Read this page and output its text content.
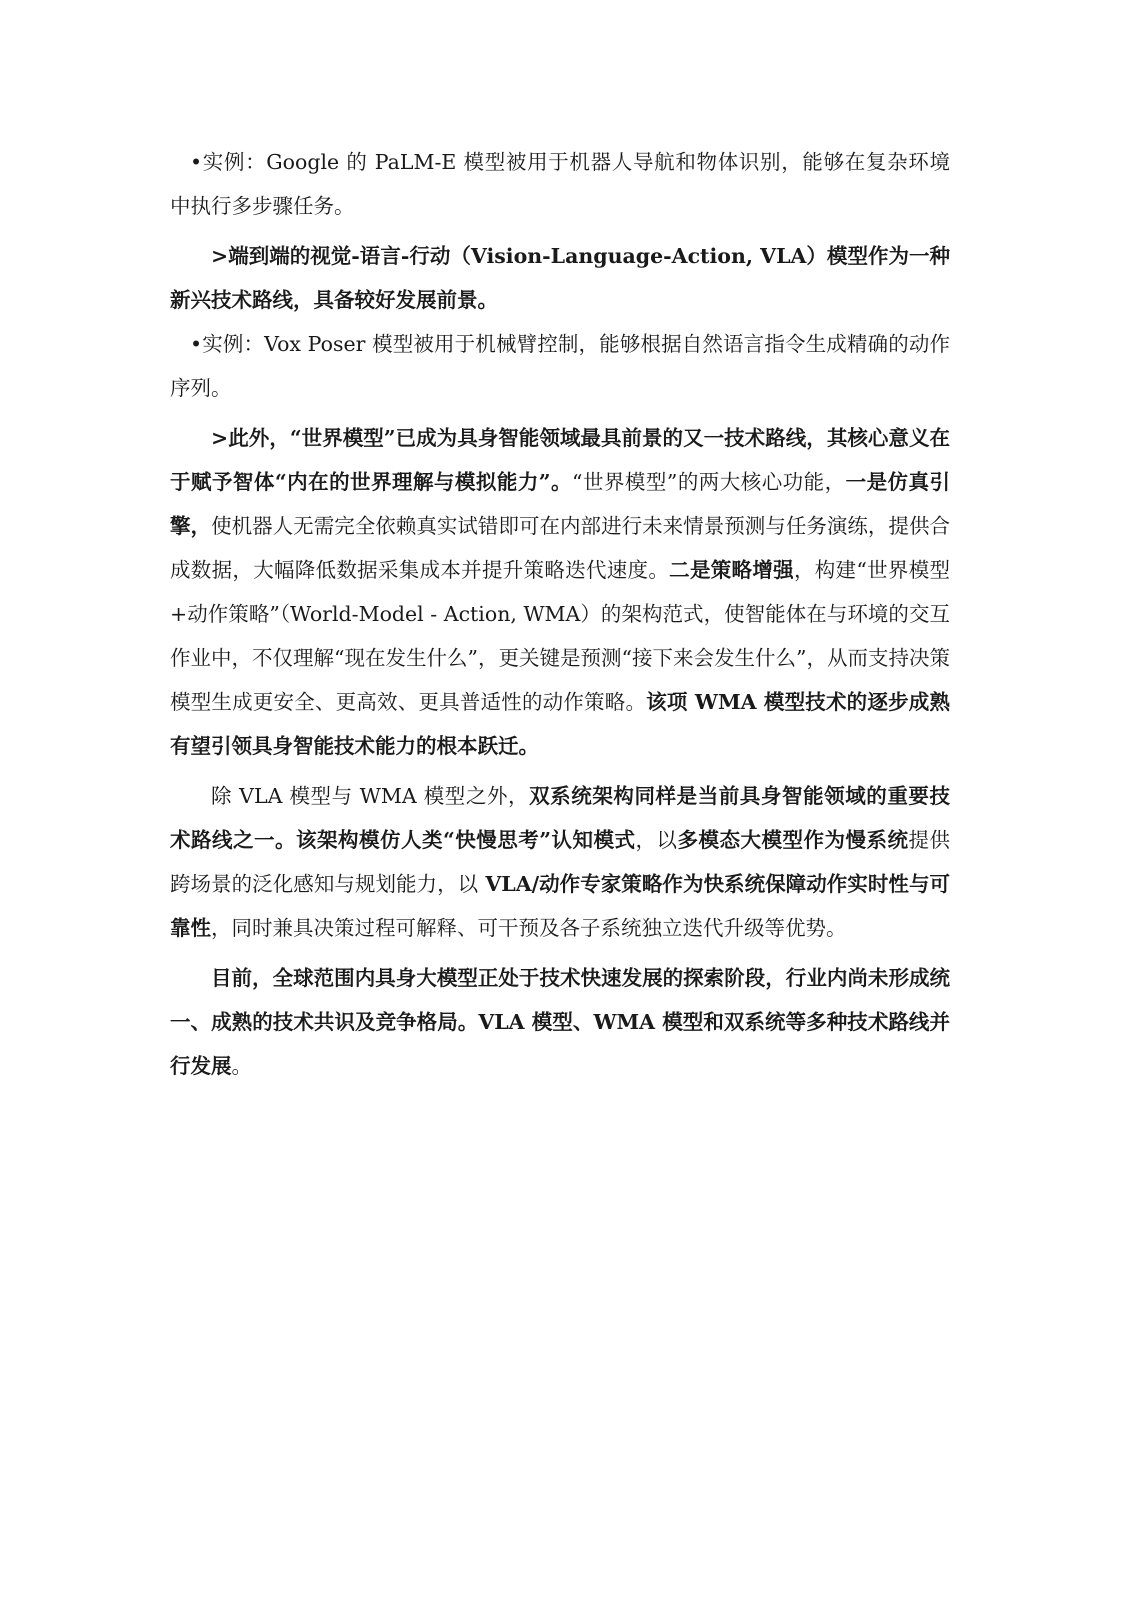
•实例：Google 的 PaLM-E 模型被用于机器人导航和物体识别，能够在复杂环境中执行多步骤任务。

>端到端的视觉-语言-行动（Vision-Language-Action, VLA）模型作为一种新兴技术路线，具备较好发展前景。

•实例：Vox Poser 模型被用于机械臂控制，能够根据自然语言指令生成精确的动作序列。

>此外，“世界模型”已成为具身智能领域最具前景的又一技术路线，其核心意义在于赋予智体“内在的世界理解与模拟能力”。“世界模型”的两大核心功能，一是仿真引擎，使机器人无需完全依赖真实试错即可在内部进行未来情景预测与任务演练，提供合成数据，大幅降低数据采集成本并提升策略迭代速度。二是策略增强，构建“世界模型+动作策略”（World-Model - Action, WMA）的架构范式，使智能体在与环境的交互作业中，不仅理解“现在发生什么”，更关键是预测“接下来会发生什么”，从而支持决策模型生成更安全、更高效、更具普适性的动作策略。该项 WMA 模型技术的逐步成熟有望引领具身智能技术能力的根本跃迁。

除 VLA 模型与 WMA 模型之外，双系统架构同样是当前具身智能领域的重要技术路线之一。该架构模仿人类“快慢思考”认知模式，以多模态大模型作为慢系统提供跨场景的泛化感知与规划能力，以 VLA/动作专家策略作为快系统保障动作实时性与可靠性，同时兼具决策过程可解释、可干预及各子系统独立迭代升级等优势。

目前，全球范围内具身大模型正处于技术快速发展的探索阶段，行业内尚未形成统一、成熟的技术共识及竞争格局。VLA 模型、WMA 模型和双系统等多种技术路线并行发展。
